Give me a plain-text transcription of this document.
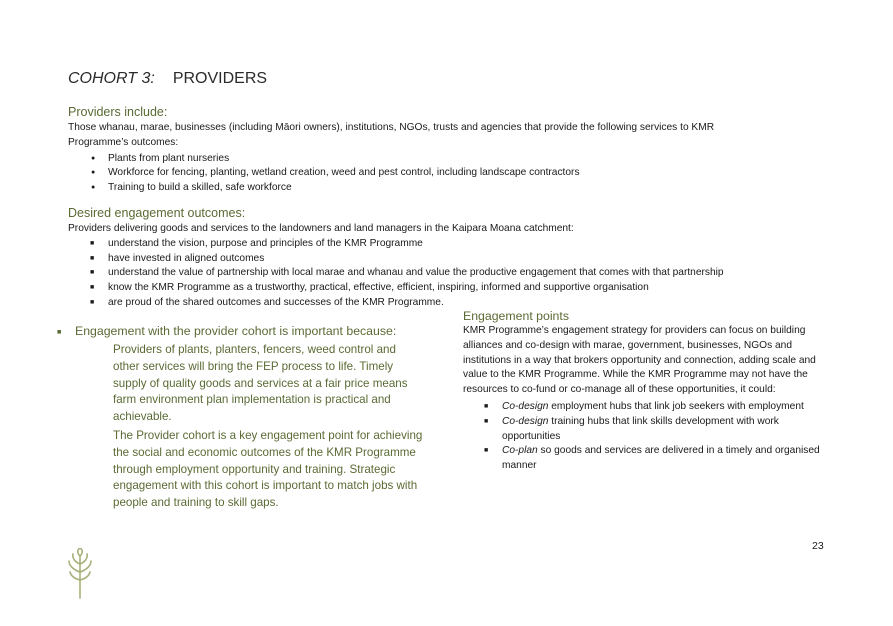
COHORT 3: PROVIDERS
Providers include:

Those whanau, marae, businesses (including Māori owners), institutions, NGOs, trusts and agencies that provide the following services to KMR

Programme’s outcomes:

● Plants from plant nurseries
● Workforce for fencing, planting, wetland creation, weed and pest control, including landscape contractors
● Training to build a skilled, safe workforce
Desired engagement outcomes:

Providers delivering goods and services to the landowners and land managers in the Kaipara Moana catchment:

■ understand the vision, purpose and principles of the KMR Programme
■ have invested in aligned outcomes
■ understand the value of partnership with local marae and whanau and value the productive engagement that comes with that partnership
■ know the KMR Programme as a trustworthy, practical, effective, efficient, inspiring, informed and supportive organisation
■ are proud of the shared outcomes and successes of the KMR Programme.
Engagement with the provider cohort is important because:
■ Providers of plants, planters, fencers, weed control and other services will bring the FEP process to life. Timely supply of quality goods and services at a fair price means farm environment plan implementation is practical and achievable.
■ The Provider cohort is a key engagement point for achieving the social and economic outcomes of the KMR Programme through employment opportunity and training. Strategic engagement with this cohort is important to match jobs with people and training to skill gaps.
Engagement points

KMR Programme’s engagement strategy for providers can focus on building alliances and co-design with marae, government, businesses, NGOs and institutions in a way that brokers opportunity and connection, adding scale and value to the KMR Programme. While the KMR Programme may not have the resources to co-fund or co-manage all of these opportunities, it could:

■ Co-design employment hubs that link job seekers with employment
■ Co-design training hubs that link skills development with work opportunities
■ Co-plan so goods and services are delivered in a timely and organised manner
23
